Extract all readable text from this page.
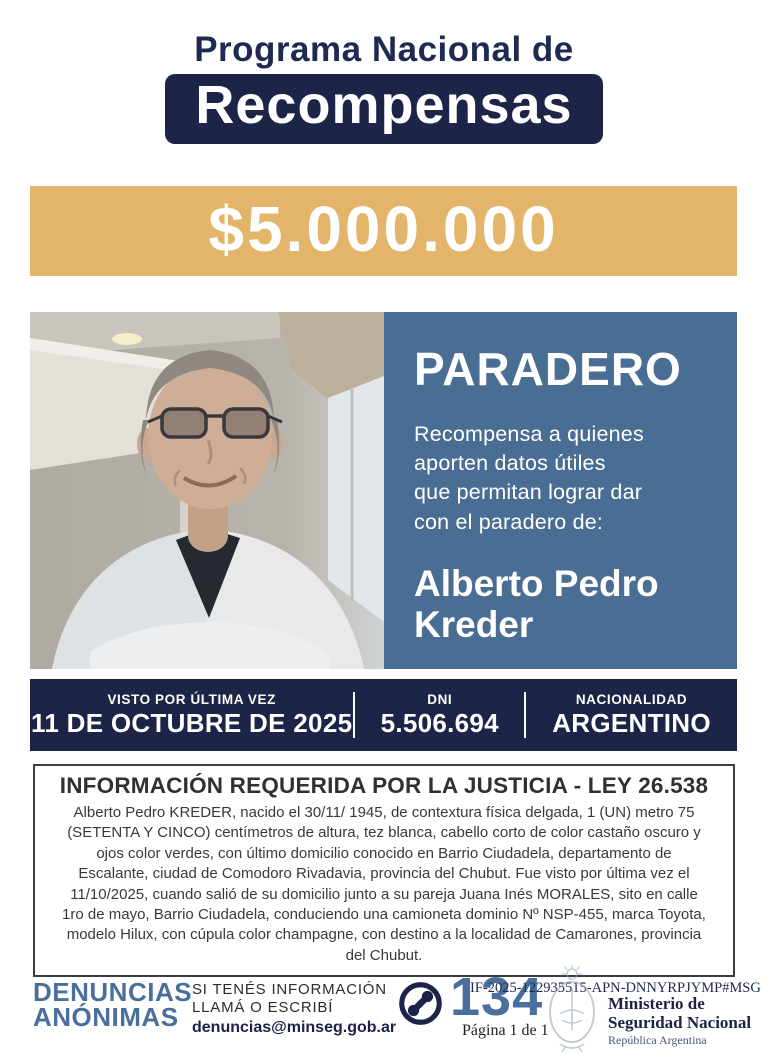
Programa Nacional de
Recompensas
$5.000.000
PARADERO
Recompensa a quienes
aporten datos útiles
que permitan lograr dar
con el paradero de:
Alberto Pedro Kreder
VISTO POR ÚLTIMA VEZ
11 DE OCTUBRE DE 2025
DNI
5.506.694
NACIONALIDAD
ARGENTINO
INFORMACIÓN REQUERIDA POR LA JUSTICIA - LEY 26.538
Alberto Pedro KREDER, nacido el 30/11/ 1945, de contextura física delgada, 1 (UN) metro 75 (SETENTA Y CINCO) centímetros de altura, tez blanca, cabello corto de color castaño oscuro y ojos color verdes, con último domicilio conocido en Barrio Ciudadela, departamento de Escalante, ciudad de Comodoro Rivadavia, provincia del Chubut. Fue visto por última vez el 11/10/2025, cuando salió de su domicilio junto a su pareja Juana Inés MORALES, sito en calle 1ro de mayo, Barrio Ciudadela, conduciendo una camioneta dominio Nº NSP-455, marca Toyota, modelo Hilux, con cúpula color champagne, con destino a la localidad de Camarones, provincia del Chubut.
DENUNCIAS
ANÓNIMAS
SI TENÉS INFORMACIÓN
LLAMÁ O ESCRIBÍ
denuncias@minseg.gob.ar
134
IF-2025-122935515-APN-DNNYRPJYMP#MSG
Ministerio de
Seguridad Nacional
República Argentina
Página 1 de 1
